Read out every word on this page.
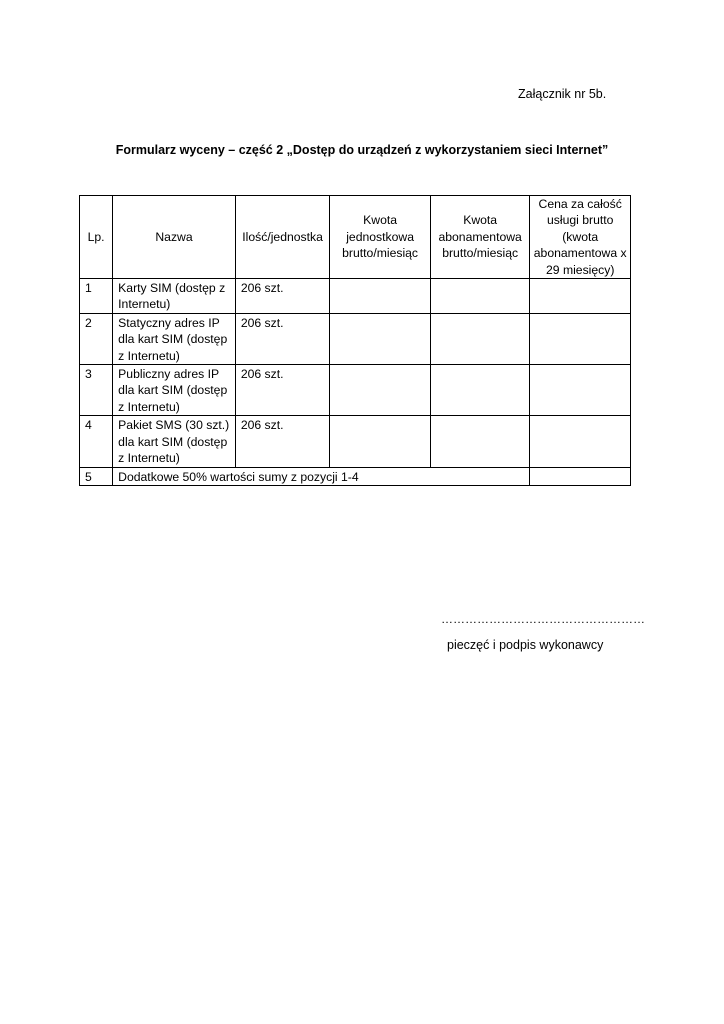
Załącznik nr 5b.
Formularz wyceny – część 2 „Dostęp do urządzeń z wykorzystaniem sieci Internet”
Lp.	Nazwa	Ilość/jednostka	Kwota jednostkowa brutto/miesiąc	Kwota abonamentowa brutto/miesiąc	Cena za całość usługi brutto (kwota abonamentowa x 29 miesięcy)
1	Karty SIM (dostęp z Internetu)	206 szt.			
2	Statyczny adres IP dla kart SIM (dostęp z Internetu)	206 szt.			
3	Publiczny adres IP dla kart SIM (dostęp z Internetu)	206 szt.			
4	Pakiet SMS (30 szt.) dla kart SIM (dostęp z Internetu)	206 szt.			
5	Dodatkowe 50% wartości sumy z pozycji 1-4				
……………………………………………
pieczęć i podpis wykonawcy
